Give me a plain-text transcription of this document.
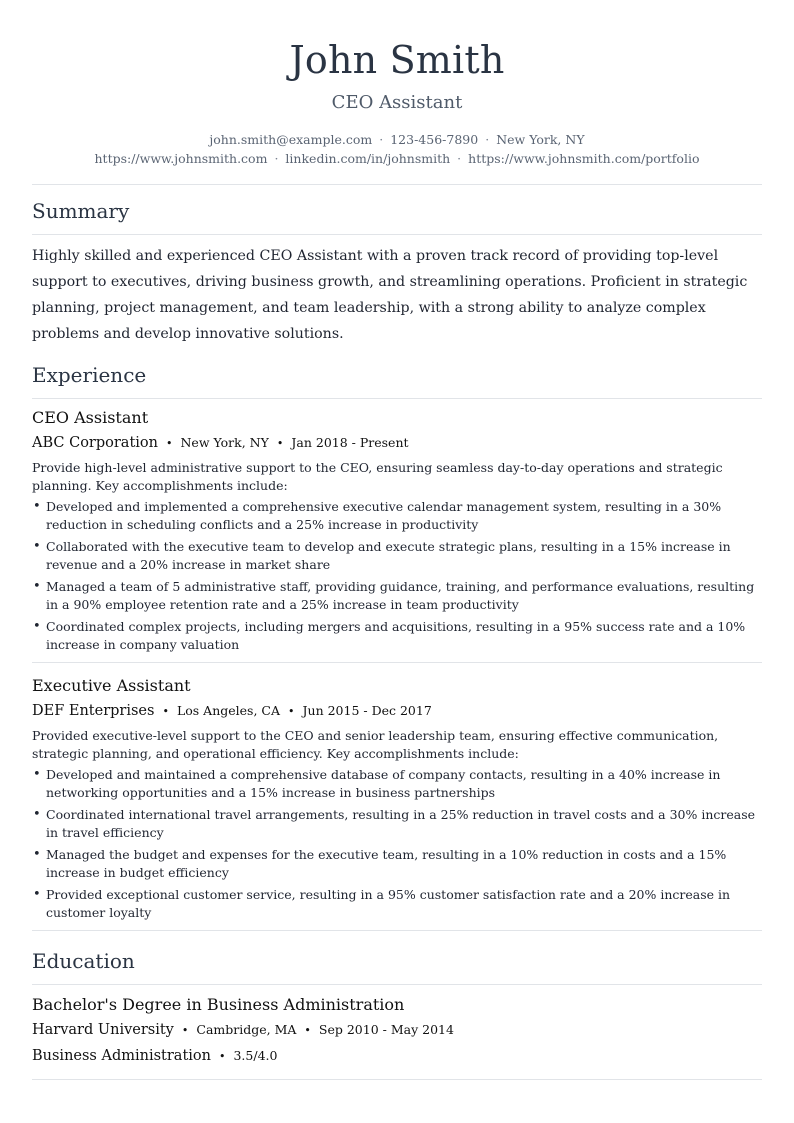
John Smith
CEO Assistant
john.smith@example.com · 123-456-7890 · New York, NY
https://www.johnsmith.com · linkedin.com/in/johnsmith · https://www.johnsmith.com/portfolio
Summary

Highly skilled and experienced CEO Assistant with a proven track record of providing top-level support to executives, driving business growth, and streamlining operations. Proficient in strategic planning, project management, and team leadership, with a strong ability to analyze complex problems and develop innovative solutions.

Experience
CEO Assistant
ABC Corporation • New York, NY • Jan 2018 - Present
Provide high-level administrative support to the CEO, ensuring seamless day-to-day operations and strategic planning. Key accomplishments include:
• Developed and implemented a comprehensive executive calendar management system, resulting in a 30% reduction in scheduling conflicts and a 25% increase in productivity
• Collaborated with the executive team to develop and execute strategic plans, resulting in a 15% increase in revenue and a 20% increase in market share
• Managed a team of 5 administrative staff, providing guidance, training, and performance evaluations, resulting in a 90% employee retention rate and a 25% increase in team productivity
• Coordinated complex projects, including mergers and acquisitions, resulting in a 95% success rate and a 10% increase in company valuation
Executive Assistant
DEF Enterprises • Los Angeles, CA • Jun 2015 - Dec 2017
Provided executive-level support to the CEO and senior leadership team, ensuring effective communication, strategic planning, and operational efficiency. Key accomplishments include:
• Developed and maintained a comprehensive database of company contacts, resulting in a 40% increase in networking opportunities and a 15% increase in business partnerships
• Coordinated international travel arrangements, resulting in a 25% reduction in travel costs and a 30% increase in travel efficiency
• Managed the budget and expenses for the executive team, resulting in a 10% reduction in costs and a 15% increase in budget efficiency
• Provided exceptional customer service, resulting in a 95% customer satisfaction rate and a 20% increase in customer loyalty
Education
Bachelor's Degree in Business Administration
Harvard University • Cambridge, MA • Sep 2010 - May 2014
Business Administration • 3.5/4.0
